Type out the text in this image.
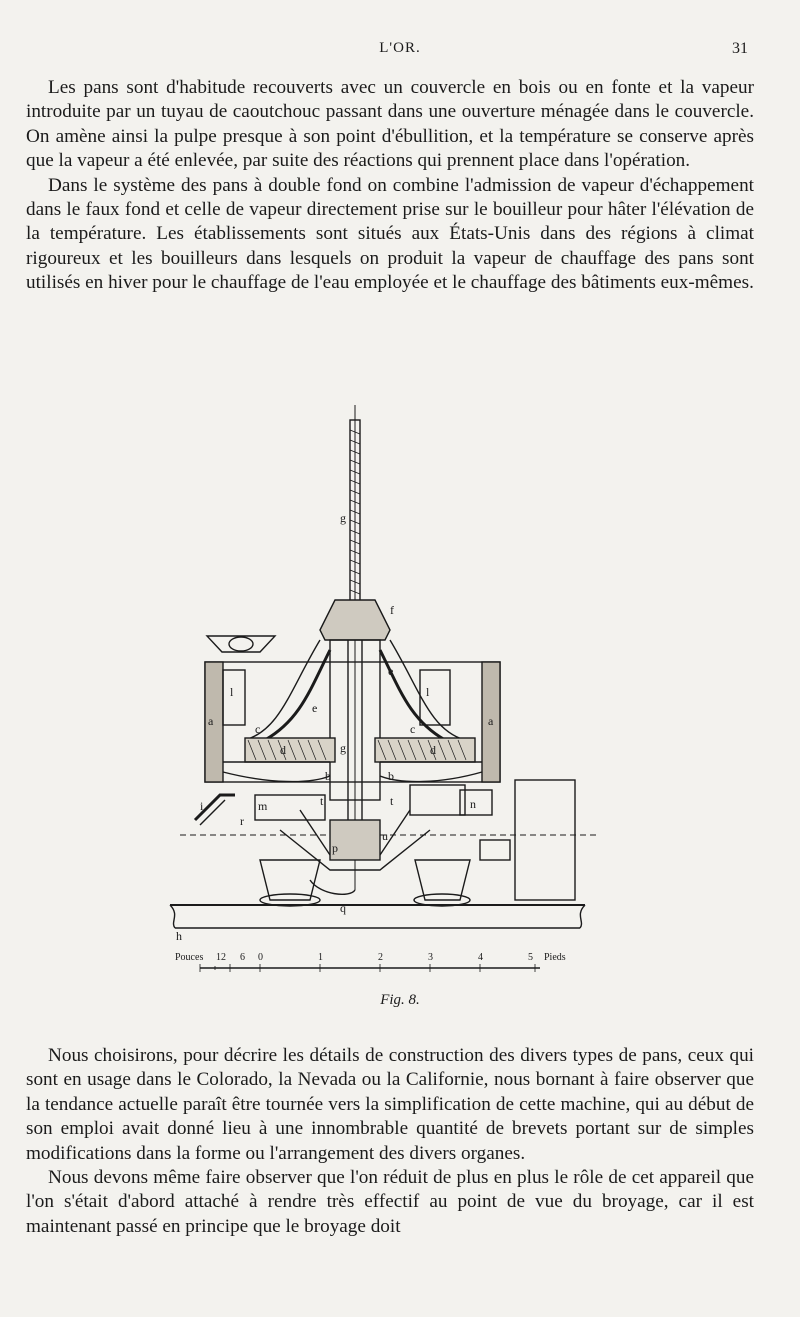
L'OR.	31

Les pans sont d'habitude recouverts avec un couvercle en bois ou en fonte et la vapeur introduite par un tuyau de caoutchouc passant dans une ouverture ménagée dans le couvercle. On amène ainsi la pulpe presque à son point d'ébullition, et la température se conserve après que la vapeur a été enlevée, par suite des réactions qui prennent place dans l'opération.

Dans le système des pans à double fond on combine l'admission de vapeur d'échappement dans le faux fond et celle de vapeur directement prise sur le bouilleur pour hâter l'élévation de la température. Les établissements sont situés aux États-Unis dans des régions à climat rigoureux et les bouilleurs dans lesquels on produit la vapeur de chauffage des pans sont utilisés en hiver pour le chauffage de l'eau employée et le chauffage des bâtiments eux-mêmes.

g
f
e
e
l	l
c	c
d	d
a	a
g
b	b
i
r
m	t	t	n
u
p
q
h
Pouces 12 6 0	1	2	3	4	5 Pieds
Fig. 8.

Nous choisirons, pour décrire les détails de construction des divers types de pans, ceux qui sont en usage dans le Colorado, la Nevada ou la Californie, nous bornant à faire observer que la tendance actuelle paraît être tournée vers la simplification de cette machine, qui au début de son emploi avait donné lieu à une innombrable quantité de brevets portant sur de simples modifications dans la forme ou l'arrangement des divers organes.

Nous devons même faire observer que l'on réduit de plus en plus le rôle de cet appareil que l'on s'était d'abord attaché à rendre très effectif au point de vue du broyage, car il est maintenant passé en principe que le broyage doit
